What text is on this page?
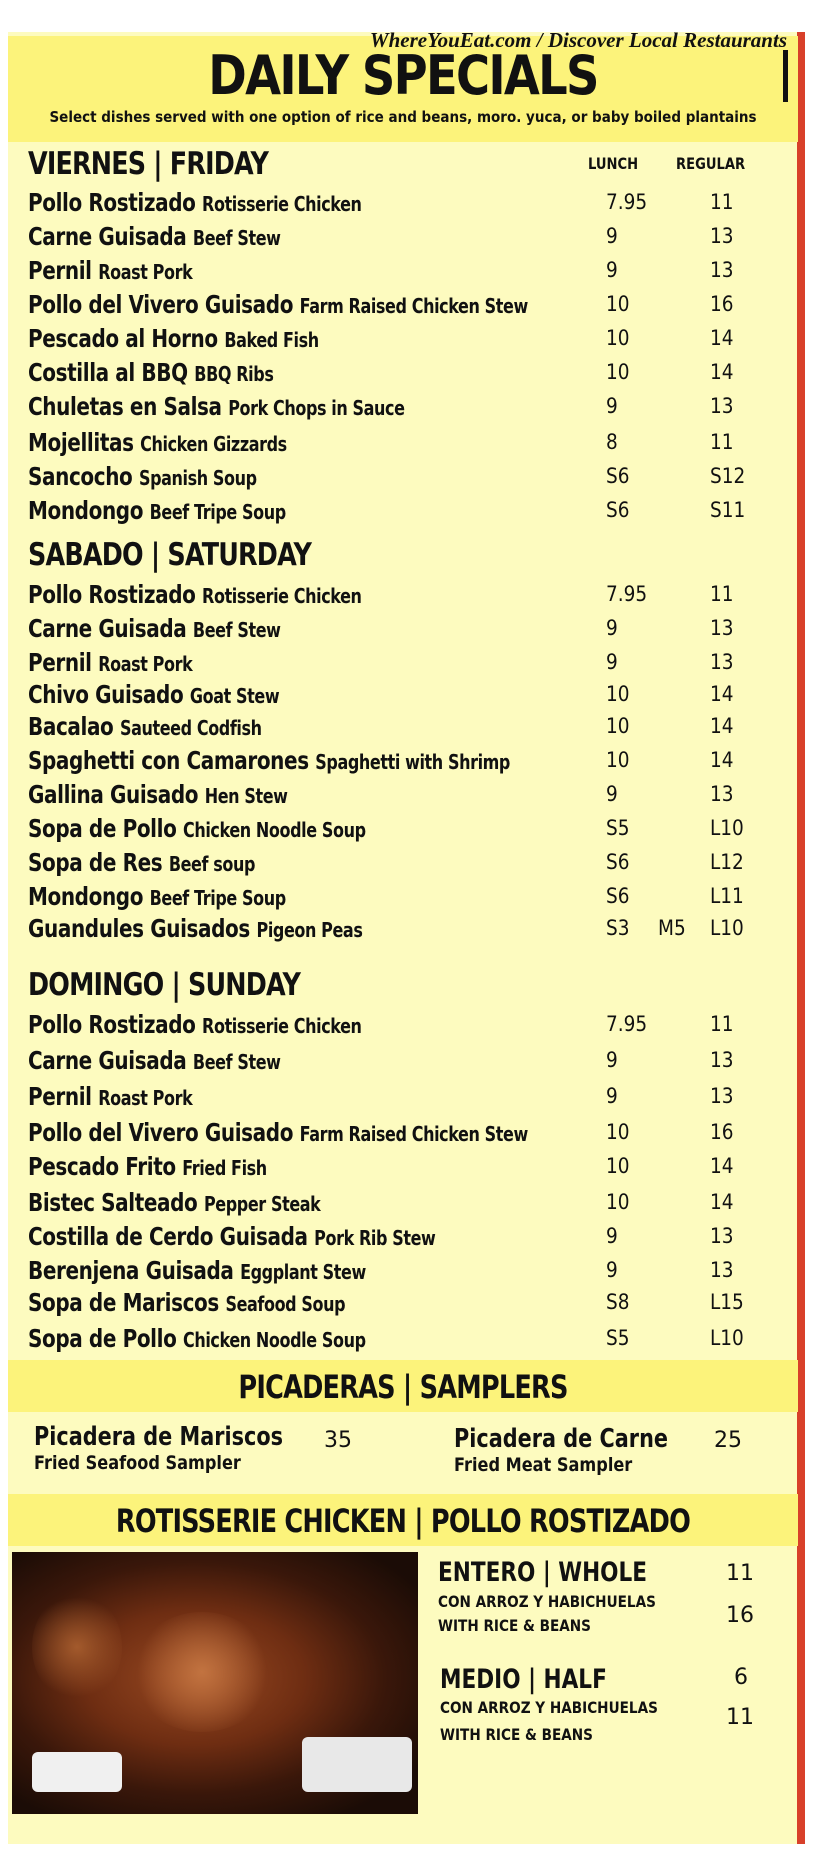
WhereYouEat.com / Discover Local Restaurants
DAILY SPECIALS
Select dishes served with one option of rice and beans, moro. yuca, or baby boiled plantains
VIERNES | FRIDAY	LUNCH REGULAR
Pollo Rostizado Rotisserie Chicken	7.95	11
Carne Guisada Beef Stew	9	13
Pernil Roast Pork	9	13
Pollo del Vivero Guisado Farm Raised Chicken Stew	10	16
Pescado al Horno Baked Fish	10	14
Costilla al BBQ BBQ Ribs	10	14
Chuletas en Salsa Pork Chops in Sauce	9	13
Mojellitas Chicken Gizzards	8	11
Sancocho Spanish Soup	S6	S12
Mondongo Beef Tripe Soup	S6	S11
SABADO | SATURDAY
Pollo Rostizado Rotisserie Chicken	7.95	11
Carne Guisada Beef Stew	9	13
Pernil Roast Pork	9	13
Chivo Guisado Goat Stew	10	14
Bacalao Sauteed Codfish	10	14
Spaghetti con Camarones Spaghetti with Shrimp	10	14
Gallina Guisado Hen Stew	9	13
Sopa de Pollo Chicken Noodle Soup	S5	L10
Sopa de Res Beef soup	S6	L12
Mondongo Beef Tripe Soup	S6	L11
Guandules Guisados Pigeon Peas	S3 M5 L10
DOMINGO | SUNDAY
Pollo Rostizado Rotisserie Chicken	7.95	11
Carne Guisada Beef Stew	9	13
Pernil Roast Pork	9	13
Pollo del Vivero Guisado Farm Raised Chicken Stew	10	16
Pescado Frito Fried Fish	10	14
Bistec Salteado Pepper Steak	10	14
Costilla de Cerdo Guisada Pork Rib Stew	9	13
Berenjena Guisada Eggplant Stew	9	13
Sopa de Mariscos Seafood Soup	S8	L15
Sopa de Pollo Chicken Noodle Soup	S5	L10
PICADERAS | SAMPLERS
Picadera de Mariscos
Fried Seafood Sampler
35	Picadera de Carne
Fried Meat Sampler
25
ROTISSERIE CHICKEN | POLLO ROSTIZADO
ENTERO | WHOLE	11
CON ARROZ Y HABICHUELAS
WITH RICE & BEANS	16
MEDIO | HALF	6
CON ARROZ Y HABICHUELAS
WITH RICE & BEANS
11
